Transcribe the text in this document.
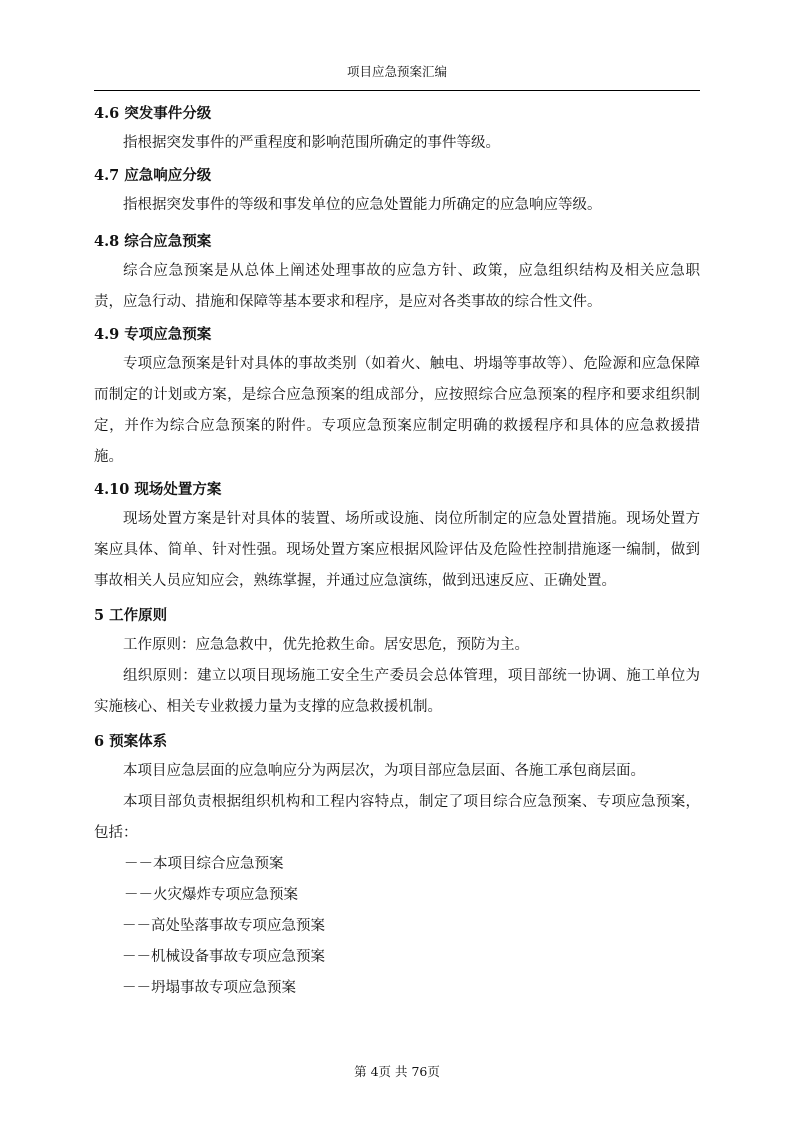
项目应急预案汇编
4.6 突发事件分级

指根据突发事件的严重程度和影响范围所确定的事件等级。

4.7 应急响应分级

指根据突发事件的等级和事发单位的应急处置能力所确定的应急响应等级。

4.8 综合应急预案

综合应急预案是从总体上阐述处理事故的应急方针、政策，应急组织结构及相关应急职责，应急行动、措施和保障等基本要求和程序，是应对各类事故的综合性文件。

4.9 专项应急预案

专项应急预案是针对具体的事故类别（如着火、触电、坍塌等事故等）、危险源和应急保障而制定的计划或方案，是综合应急预案的组成部分，应按照综合应急预案的程序和要求组织制定，并作为综合应急预案的附件。专项应急预案应制定明确的救援程序和具体的应急救援措施。

4.10 现场处置方案

现场处置方案是针对具体的装置、场所或设施、岗位所制定的应急处置措施。现场处置方案应具体、简单、针对性强。现场处置方案应根据风险评估及危险性控制措施逐一编制，做到事故相关人员应知应会，熟练掌握，并通过应急演练，做到迅速反应、正确处置。

5 工作原则

工作原则：应急急救中，优先抢救生命。居安思危，预防为主。

组织原则：建立以项目现场施工安全生产委员会总体管理，项目部统一协调、施工单位为实施核心、相关专业救援力量为支撑的应急救援机制。

6 预案体系

本项目应急层面的应急响应分为两层次，为项目部应急层面、各施工承包商层面。

本项目部负责根据组织机构和工程内容特点，制定了项目综合应急预案、专项应急预案，包括：

－－本项目综合应急预案

－－火灾爆炸专项应急预案

－－高处坠落事故专项应急预案

－－机械设备事故专项应急预案

－－坍塌事故专项应急预案

第 4页 共 76页
